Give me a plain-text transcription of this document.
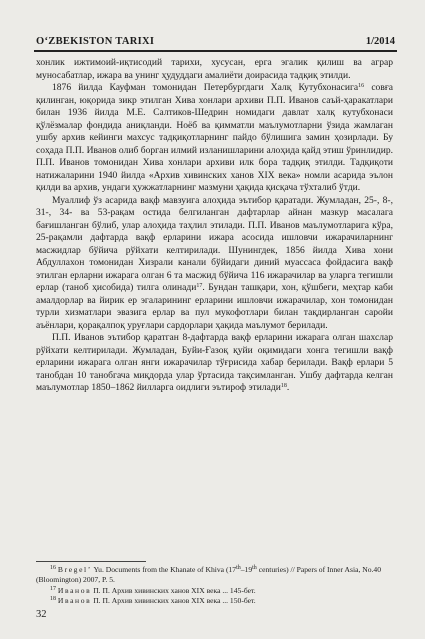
O‘ZBEKISTON TARIXI	1/2014

хонлик ижтимоий-иқтисодий тарихи, хусусан, ерга эгалик қилиш ва аграр муносабатлар, ижара ва унинг ҳудуддаги амалиёти доирасида тадқиқ этилди.

1876 йилда Кауфман томонидан Петербургдаги Халқ Кутубхонасига$^{16}$ совға қилинган, юқорида зикр этилган Хива хонлари архиви П.П. Иванов саъй-ҳаракатлари билан 1936 йилда М.Е. Салтиков-Шедрин номидаги давлат халқ кутубхонаси қўлёзмалар фондида аниқланди. Ноёб ва қимматли маълумотларни ўзида жамлаган ушбу архив кейинги махсус тадқиқотларнинг пайдо бўлишига замин ҳозирлади. Бу соҳада П.П. Иванов олиб борган илмий изланишларини алоҳида қайд этиш ўринлидир. П.П. Иванов томонидан Хива хонлари архиви илк бора тадқиқ этилди. Тадқиқоти натижаларини 1940 йилда «Архив хивинских ханов XIX века» номли асарида эълон қилди ва архив, ундаги ҳужжатларнинг мазмуни ҳақида қисқача тўхталиб ўтди.

Муаллиф ўз асарида вақф мавзуига алоҳида эътибор қаратади. Жумладан, 25-, 8-, 31-, 34- ва 53-рақам остида белгиланган дафтарлар айнан мазкур масалага бағишланган бўлиб, улар алоҳида таҳлил этилади. П.П. Иванов маълумотларига кўра, 25-рақамли дафтарда вақф ерларини ижара асосида ишловчи ижарачиларнинг масжидлар бўйича рўйхати келтирилади. Шунингдек, 1856 йилда Хива хони Абдуллахон томонидан Хизрали канали бўйидаги диний муассаса фойдасига вақф этилган ерларни ижарага олган 6 та масжид бўйича 116 ижарачилар ва уларга тегишли ерлар (таноб ҳисобида) тилга олинади$^{17}$. Бундан ташқари, хон, қўшбеги, меҳтар каби амалдорлар ва йирик ер эгаларининг ерларини ишловчи ижарачилар, хон томонидан турли хизматлари эвазига ерлар ва пул мукофотлари билан тақдирланган саройи аъёнлари, қорақалпоқ уруғлари сардорлари ҳақида маълумот берилади.

П.П. Иванов эътибор қаратган 8-дафтарда вақф ерларини ижарага олган шахслар рўйхати келтирилади. Жумладан, Буйи-Ғазоқ қуйи оқимидаги хонга тегишли вақф ерларини ижарага олган янги ижарачилар тўғрисида хабар берилади. Вақф ерлари 5 танобдан 10 танобгача миқдорда улар ўртасида тақсимланган. Ушбу дафтарда келган маълумотлар 1850–1862 йилларга оидлиги эътироф этилади$^{18}$.

$^{16}$ Bregel’ Yu. Documents from the Khanate of Khiva (17th–19th centuries) // Papers of Inner Asia, No.40 (Bloomington) 2007, P. 5.

$^{17}$ Иванов П. П. Архив хивинских ханов XIX века ... 145-бет.

$^{18}$ Иванов П. П. Архив хивинских ханов XIX века ... 150-бет.

32
